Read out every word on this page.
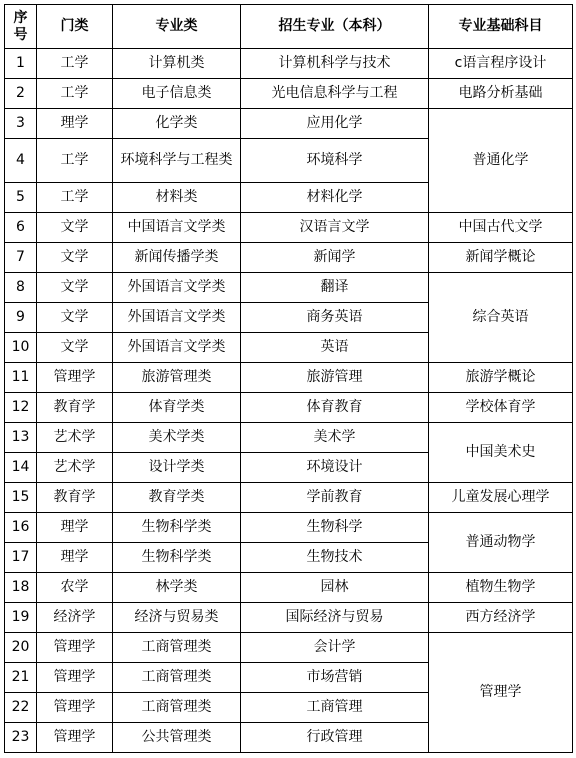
序号	门类	专业类	招生专业（本科）	专业基础科目
1	工学	计算机类	计算机科学与技术	c语言程序设计
2	工学	电子信息类	光电信息科学与工程	电路分析基础
3	理学	化学类	应用化学	普通化学
4	工学	环境科学与工程类	环境科学	
5	工学	材料类	材料化学	
6	文学	中国语言文学类	汉语言文学	中国古代文学
7	文学	新闻传播学类	新闻学	新闻学概论
8	文学	外国语言文学类	翻译	综合英语
9	文学	外国语言文学类	商务英语	
10	文学	外国语言文学类	英语	
11	管理学	旅游管理类	旅游管理	旅游学概论
12	教育学	体育学类	体育教育	学校体育学
13	艺术学	美术学类	美术学	中国美术史
14	艺术学	设计学类	环境设计	
15	教育学	教育学类	学前教育	儿童发展心理学
16	理学	生物科学类	生物科学	普通动物学
17	理学	生物科学类	生物技术	
18	农学	林学类	园林	植物生物学
19	经济学	经济与贸易类	国际经济与贸易	西方经济学
20	管理学	工商管理类	会计学	管理学
21	管理学	工商管理类	市场营销	
22	管理学	工商管理类	工商管理	
23	管理学	公共管理类	行政管理	
